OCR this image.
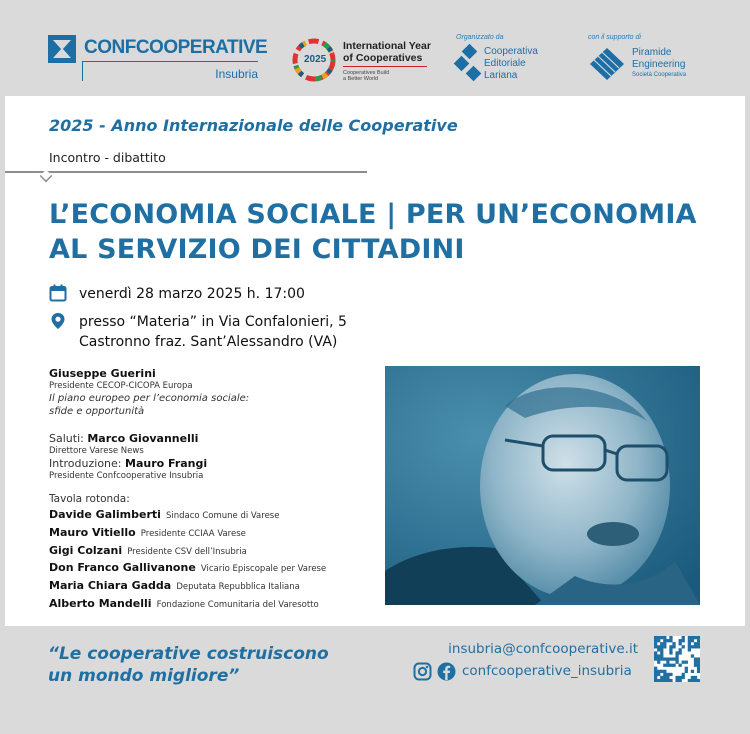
CONFCOOPERATIVE
Insubria
2025
International Year
of Cooperatives
Cooperatives Build
a Better World
Organizzato da
Cooperativa
Editoriale
Lariana
con il supporto di
Piramide
Engineering
Società Cooperativa
2025 - Anno Internazionale delle Cooperative
Incontro - dibattito
L’ECONOMIA SOCIALE | PER UN’ECONOMIA
AL SERVIZIO DEI CITTADINI
venerdì 28 marzo 2025 h. 17:00
presso “Materia” in Via Confalonieri, 5
Castronno fraz. Sant’Alessandro (VA)
Giuseppe Guerini
Presidente CECOP-CICOPA Europa
Il piano europeo per l’economia sociale:
sfide e opportunità
Saluti: Marco Giovannelli
Direttore Varese News
Introduzione: Mauro Frangi
Presidente Confcooperative Insubria
Tavola rotonda:
Davide Galimberti Sindaco Comune di Varese
Mauro Vitiello Presidente CCIAA Varese
Gigi Colzani Presidente CSV dell’Insubria
Don Franco Gallivanone Vicario Episcopale per Varese
Maria Chiara Gadda Deputata Repubblica Italiana
Alberto Mandelli Fondazione Comunitaria del Varesotto
“Le cooperative costruiscono
un mondo migliore”
insubria@confcooperative.it
confcooperative_insubria
